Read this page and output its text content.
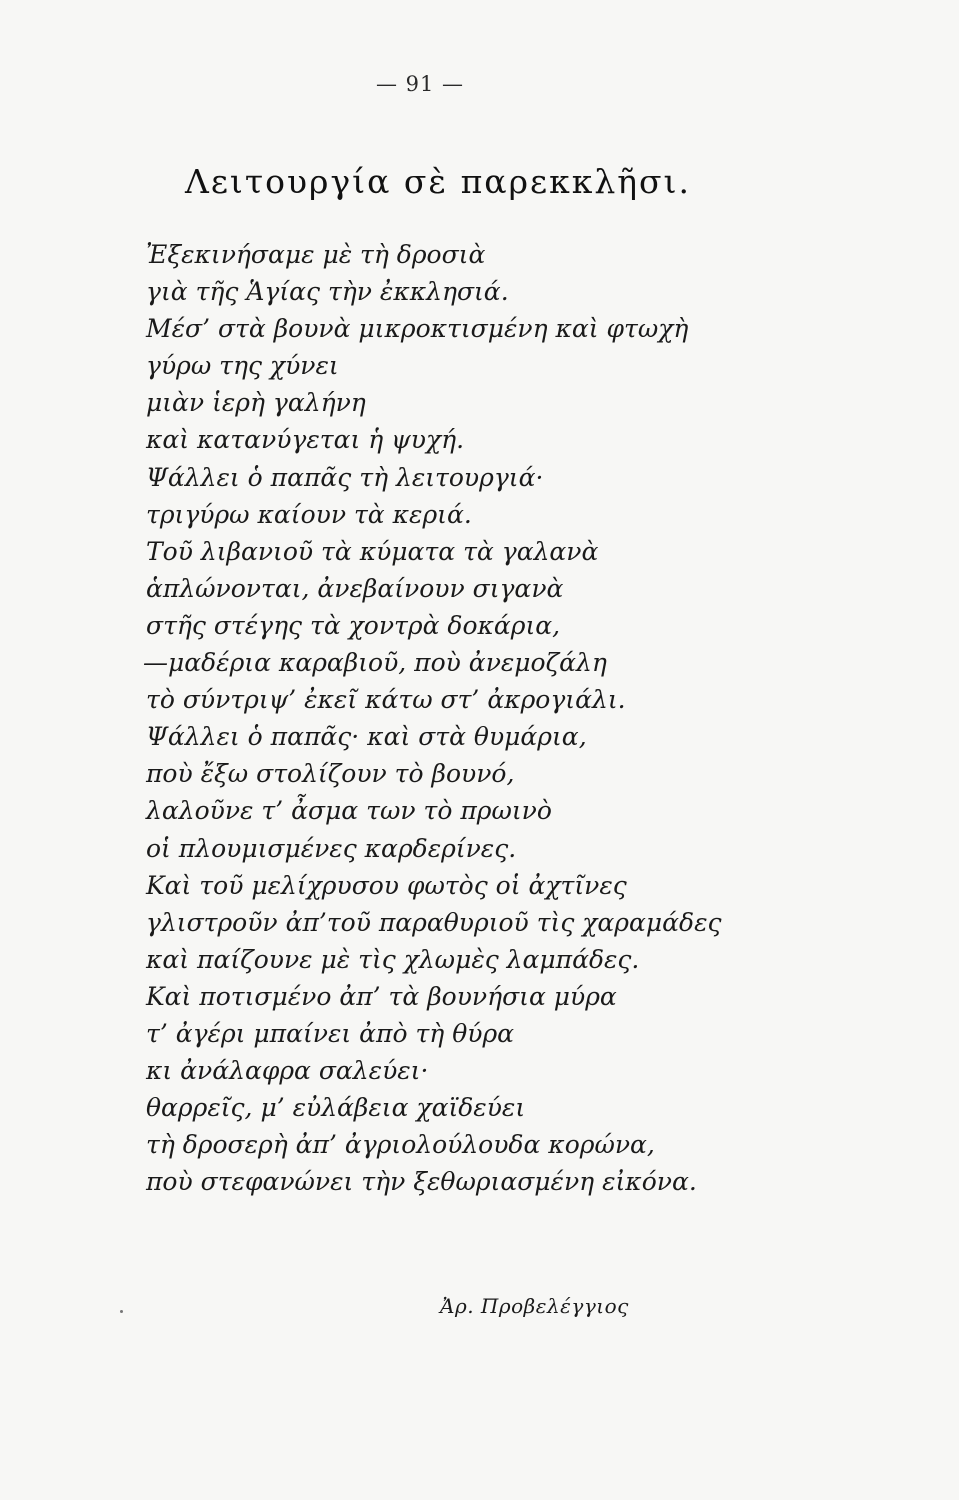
— 91 —
Λειτουργία σὲ παρεκκλῆσι.
Ἐξεκινήσαμε μὲ τὴ δροσιὰ
γιὰ τῆς Ἁγίας τὴν ἐκκλησιά.
Μέσ’ στὰ βουνὰ μικροκτισμένη καὶ φτωχὴ
γύρω της χύνει
μιὰν ἱερὴ γαλήνη
καὶ κατανύγεται ἡ ψυχή.
Ψάλλει ὁ παπᾶς τὴ λειτουργιά·
τριγύρω καίουν τὰ κεριά.
Τοῦ λιβανιοῦ τὰ κύματα τὰ γαλανὰ
ἁπλώνονται, ἀνεβαίνουν σιγανὰ
στῆς στέγης τὰ χοντρὰ δοκάρια,
—μαδέρια καραβιοῦ, ποὺ ἀνεμοζάλη
τὸ σύντριψ’ ἐκεῖ κάτω στ’ ἀκρογιάλι.
Ψάλλει ὁ παπᾶς· καὶ στὰ θυμάρια,
ποὺ ἔξω στολίζουν τὸ βουνό,
λαλοῦνε τ’ ἆσμα των τὸ πρωινὸ
οἱ πλουμισμένες καρδερίνες.
Καὶ τοῦ μελίχρυσου φωτὸς οἱ ἀχτῖνες
γλιστροῦν ἀπ’τοῦ παραθυριοῦ τὶς χαραμάδες
καὶ παίζουνε μὲ τὶς χλωμὲς λαμπάδες.
Καὶ ποτισμένο ἀπ’ τὰ βουνήσια μύρα
τ’ ἀγέρι μπαίνει ἀπὸ τὴ θύρα
κι ἀνάλαφρα σαλεύει·
θαρρεῖς, μ’ εὐλάβεια χαϊδεύει
τὴ δροσερὴ ἀπ’ ἀγριολούλουδα κορώνα,
ποὺ στεφανώνει τὴν ξεθωριασμένη εἰκόνα.
Ἀρ. Προβελέγγιος
